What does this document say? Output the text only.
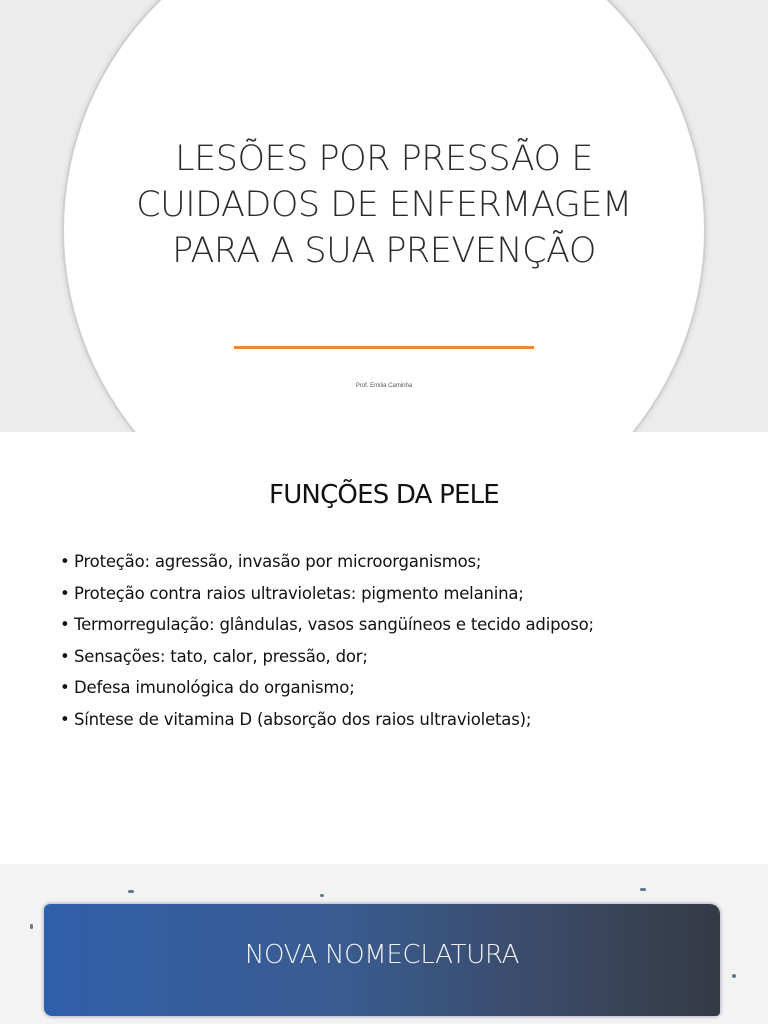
LESÕES POR PRESSÃO E
CUIDADOS DE ENFERMAGEM
PARA A SUA PREVENÇÃO
Prof. Emilia Caminha
FUNÇÕES DA PELE
• Proteção: agressão, invasão por microorganismos;
• Proteção contra raios ultravioletas: pigmento melanina;
• Termorregulação: glândulas, vasos sangüíneos e tecido adiposo;
• Sensações: tato, calor, pressão, dor;
• Defesa imunológica do organismo;
• Síntese de vitamina D (absorção dos raios ultravioletas);
NOVA NOMECLATURA
